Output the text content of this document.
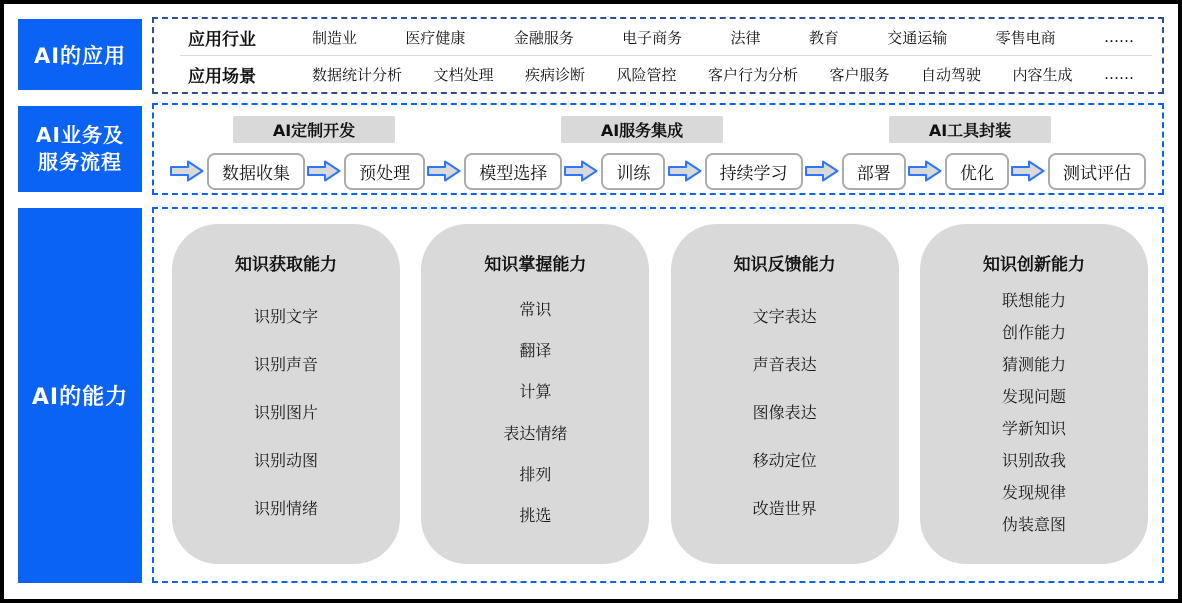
AI的应用
应用行业	制造业	医疗健康	金融服务	电子商务	法律	教育	交通运输	零售电商	……
应用场景	数据统计分析 文档处理 疾病诊断 风险管控 客户行为分析 客户服务 自动驾驶 内容生成 ……
AI业务及
服务流程
AI定制开发	AI服务集成	AI工具封装
数据收集	预处理	模型选择	训练	持续学习	部署	优化	测试评估
AI的能力
知识获取能力
识别文字
识别声音
识别图片
识别动图
识别情绪
知识掌握能力
常识
翻译
计算
表达情绪
排列
挑选
知识反馈能力
文字表达
声音表达
图像表达
移动定位
改造世界
知识创新能力
联想能力
创作能力
猜测能力
发现问题
学新知识
识别敌我
发现规律
伪装意图
